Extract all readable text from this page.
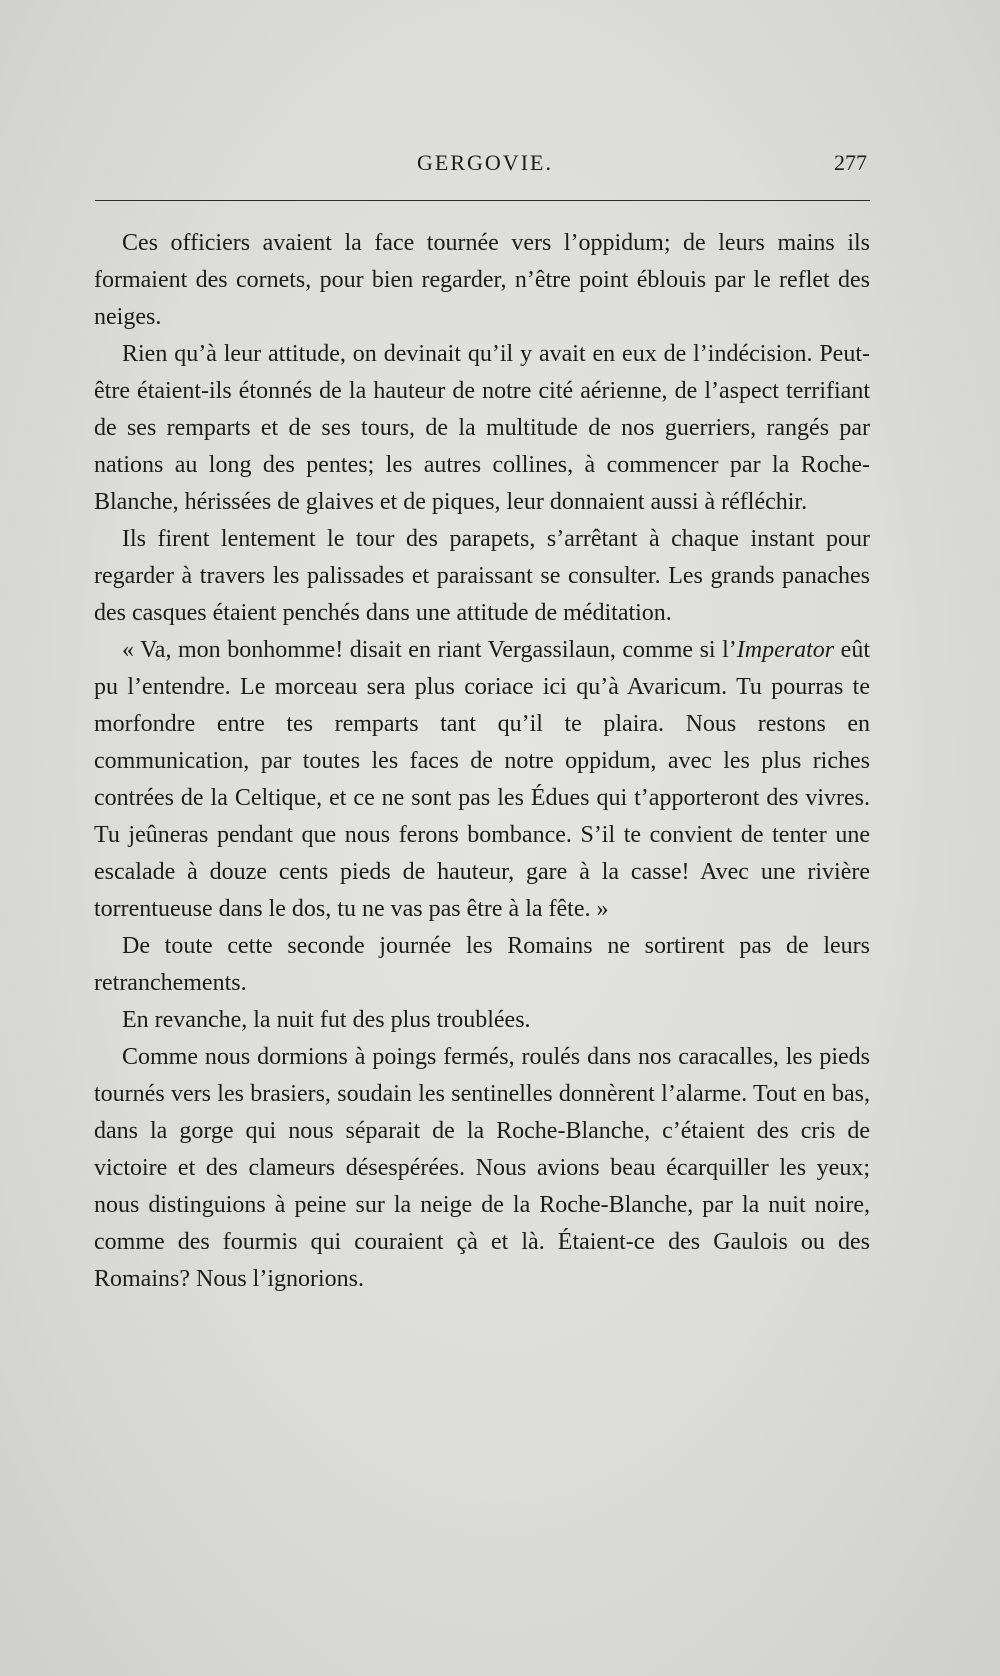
GERGOVIE.	277

Ces officiers avaient la face tournée vers l’oppidum; de leurs mains ils formaient des cornets, pour bien regarder, n’être point éblouis par le reflet des neiges.

Rien qu’à leur attitude, on devinait qu’il y avait en eux de l’indécision. Peut-être étaient-ils étonnés de la hauteur de notre cité aérienne, de l’aspect terrifiant de ses remparts et de ses tours, de la multitude de nos guerriers, rangés par nations au long des pentes; les autres collines, à commencer par la Roche-Blanche, hérissées de glaives et de piques, leur donnaient aussi à réfléchir.

Ils firent lentement le tour des parapets, s’arrêtant à chaque instant pour regarder à travers les palissades et paraissant se consulter. Les grands panaches des casques étaient penchés dans une attitude de méditation.

« Va, mon bonhomme! disait en riant Vergassilaun, comme si l’Imperator eût pu l’entendre. Le morceau sera plus coriace ici qu’à Avaricum. Tu pourras te morfondre entre tes remparts tant qu’il te plaira. Nous restons en communication, par toutes les faces de notre oppidum, avec les plus riches contrées de la Celtique, et ce ne sont pas les Édues qui t’apporteront des vivres. Tu jeûneras pendant que nous ferons bombance. S’il te convient de tenter une escalade à douze cents pieds de hauteur, gare à la casse! Avec une rivière torrentueuse dans le dos, tu ne vas pas être à la fête. »

De toute cette seconde journée les Romains ne sortirent pas de leurs retranchements.

En revanche, la nuit fut des plus troublées.

Comme nous dormions à poings fermés, roulés dans nos caracalles, les pieds tournés vers les brasiers, soudain les sentinelles donnèrent l’alarme. Tout en bas, dans la gorge qui nous séparait de la Roche-Blanche, c’étaient des cris de victoire et des clameurs désespérées. Nous avions beau écarquiller les yeux; nous distinguions à peine sur la neige de la Roche-Blanche, par la nuit noire, comme des fourmis qui couraient çà et là. Étaient-ce des Gaulois ou des Romains? Nous l’ignorions.
